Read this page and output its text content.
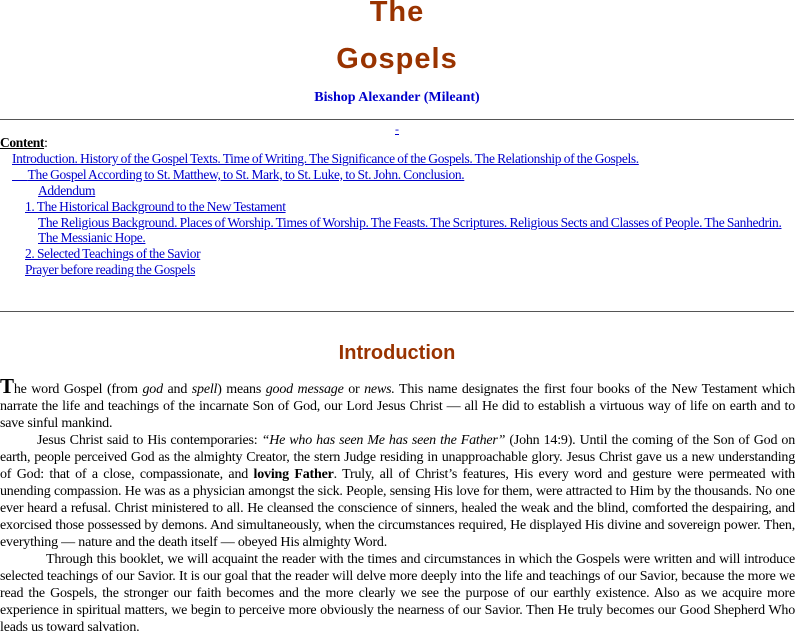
The
Gospels
Bishop Alexander (Mileant)
-
Content:
Introduction. History of the Gospel Texts. Time of Writing. The Significance of the Gospels. The Relationship of the Gospels.
The Gospel According to St. Matthew, to St. Mark, to St. Luke, to St. John. Conclusion.
Addendum
1. The Historical Background to the New Testament
The Religious Background. Places of Worship. Times of Worship. The Feasts. The Scriptures. Religious Sects and Classes of People. The Sanhedrin.
The Messianic Hope.
2. Selected Teachings of the Savior
Prayer before reading the Gospels
Introduction

The word Gospel (from god and spell) means good message or news. This name designates the first four books of the New Testament which narrate the life and teachings of the incarnate Son of God, our Lord Jesus Christ — all He did to establish a virtuous way of life on earth and to save sinful mankind.

Jesus Christ said to His contemporaries: “He who has seen Me has seen the Father” (John 14:9). Until the coming of the Son of God on earth, people perceived God as the almighty Creator, the stern Judge residing in unapproachable glory. Jesus Christ gave us a new understanding of God: that of a close, compassionate, and loving Father. Truly, all of Christ’s features, His every word and gesture were permeated with unending compassion. He was as a physician amongst the sick. People, sensing His love for them, were attracted to Him by the thousands. No one ever heard a refusal. Christ ministered to all. He cleansed the conscience of sinners, healed the weak and the blind, comforted the despairing, and exorcised those possessed by demons. And simultaneously, when the circumstances required, He displayed His divine and sovereign power. Then, everything — nature and the death itself — obeyed His almighty Word.

Through this booklet, we will acquaint the reader with the times and circumstances in which the Gospels were written and will introduce selected teachings of our Savior. It is our goal that the reader will delve more deeply into the life and teachings of our Savior, because the more we read the Gospels, the stronger our faith becomes and the more clearly we see the purpose of our earthly existence. Also as we acquire more experience in spiritual matters, we begin to perceive more obviously the nearness of our Savior. Then He truly becomes our Good Shepherd Who leads us toward salvation.
